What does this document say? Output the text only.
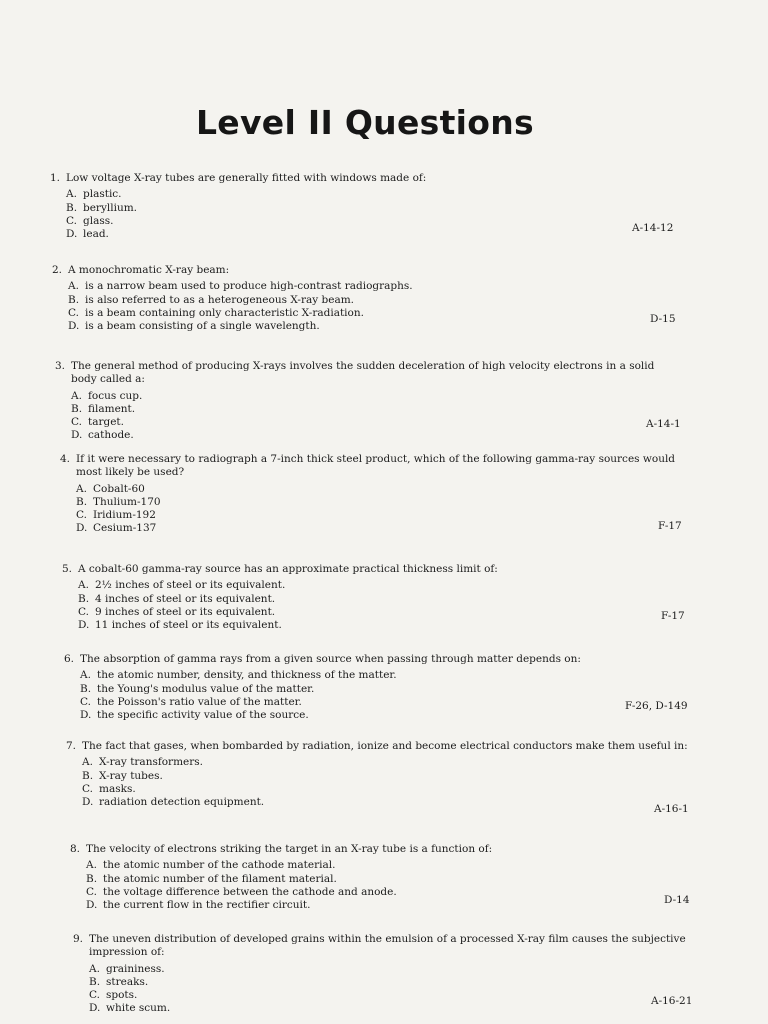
Level II Questions
1. Low voltage X-ray tubes are generally fitted with windows made of:
A. plastic.
B. beryllium.
C. glass.
D. lead.
A-14-12
2. A monochromatic X-ray beam:
A. is a narrow beam used to produce high-contrast radiographs.
B. is also referred to as a heterogeneous X-ray beam.
C. is a beam containing only characteristic X-radiation.
D. is a beam consisting of a single wavelength.
D-15
3. The general method of producing X-rays involves the sudden deceleration of high velocity electrons in a solid body called a:
A. focus cup.
B. filament.
C. target.
D. cathode.
A-14-1
4. If it were necessary to radiograph a 7-inch thick steel product, which of the following gamma-ray sources would most likely be used?
A. Cobalt-60
B. Thulium-170
C. Iridium-192
D. Cesium-137	F-17
5. A cobalt-60 gamma-ray source has an approximate practical thickness limit of:
A. 2½ inches of steel or its equivalent.
B. 4 inches of steel or its equivalent.
C. 9 inches of steel or its equivalent.
D. 11 inches of steel or its equivalent.
F-17
6. The absorption of gamma rays from a given source when passing through matter depends on:
A. the atomic number, density, and thickness of the matter.
B. the Young's modulus value of the matter.
C. the Poisson's ratio value of the matter.
D. the specific activity value of the source.
F-26, D-149
7. The fact that gases, when bombarded by radiation, ionize and become electrical conductors make them useful in:
A. X-ray transformers.
B. X-ray tubes.
C. masks.
D. radiation detection equipment.
A-16-1
8. The velocity of electrons striking the target in an X-ray tube is a function of:
A. the atomic number of the cathode material.
B. the atomic number of the filament material.
C. the voltage difference between the cathode and anode.
D. the current flow in the rectifier circuit.	D-14
9. The uneven distribution of developed grains within the emulsion of a processed X-ray film causes the subjective impression of:
A. graininess.
B. streaks.
C. spots.
D. white scum.
A-16-21
